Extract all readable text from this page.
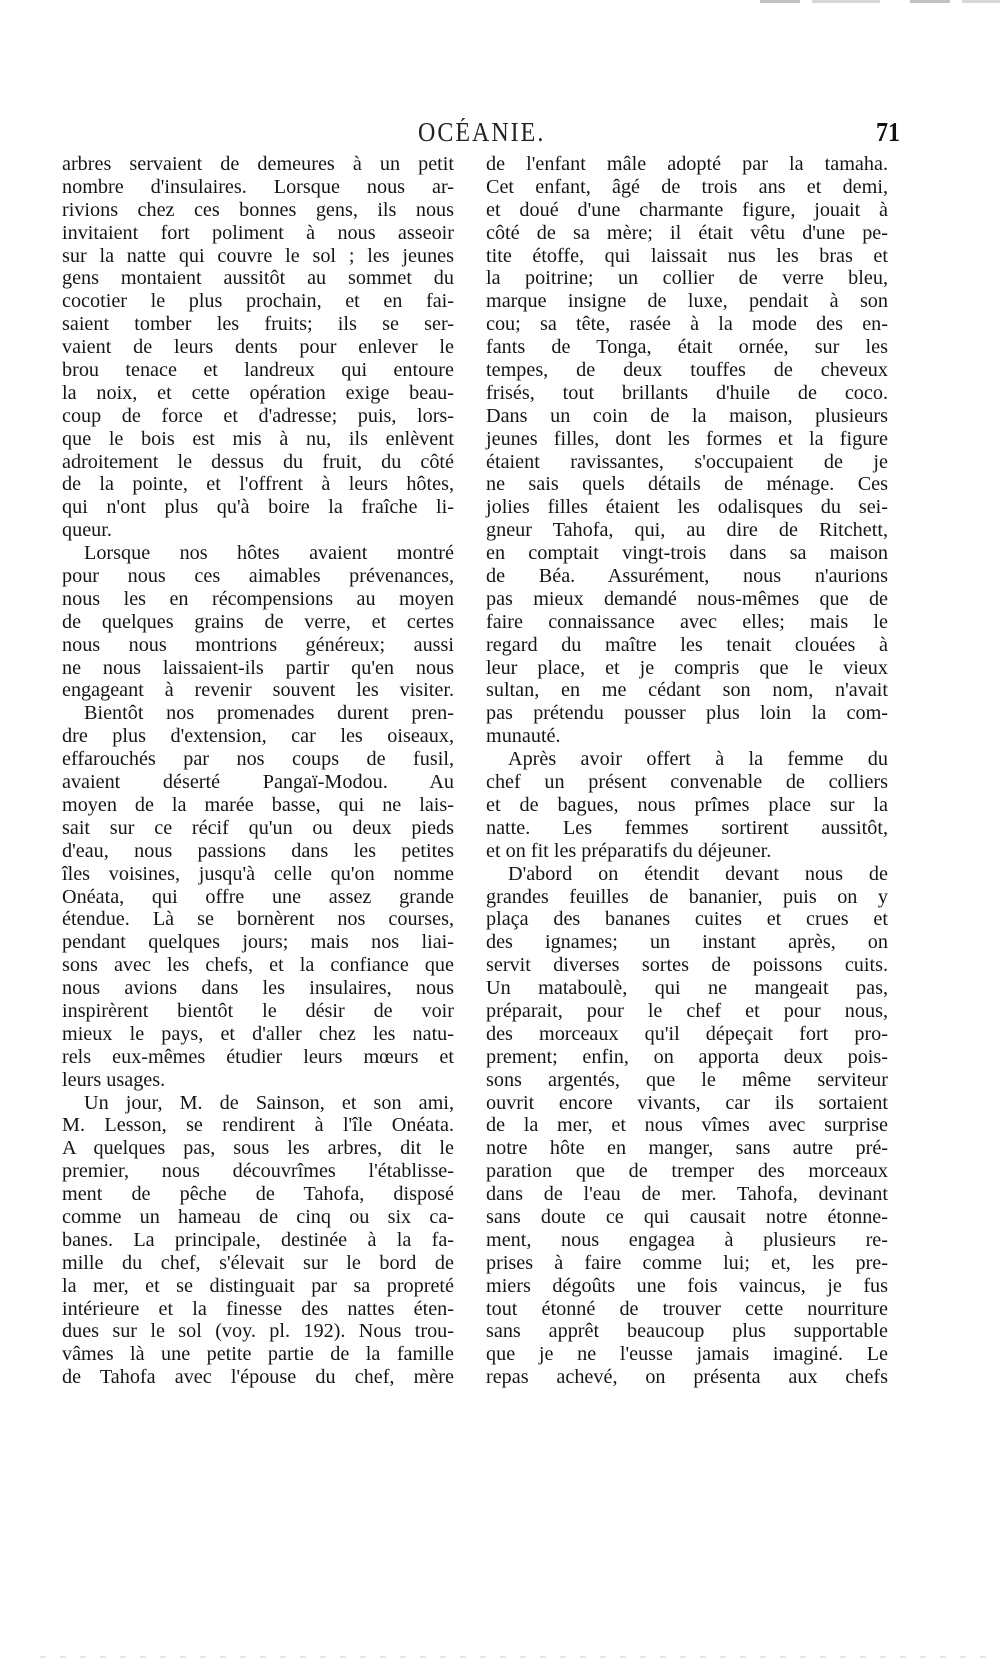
OCÉANIE.	71
arbres servaient de demeures à un petit
nombre d'insulaires. Lorsque nous ar-
rivions chez ces bonnes gens, ils nous
invitaient fort poliment à nous asseoir
sur la natte qui couvre le sol ; les jeunes
gens montaient aussitôt au sommet du
cocotier le plus prochain, et en fai-
saient tomber les fruits; ils se ser-
vaient de leurs dents pour enlever le
brou tenace et landreux qui entoure
la noix, et cette opération exige beau-
coup de force et d'adresse; puis, lors-
que le bois est mis à nu, ils enlèvent
adroitement le dessus du fruit, du côté
de la pointe, et l'offrent à leurs hôtes,
qui n'ont plus qu'à boire la fraîche li-
queur.
Lorsque nos hôtes avaient montré
pour nous ces aimables prévenances,
nous les en récompensions au moyen
de quelques grains de verre, et certes
nous nous montrions généreux; aussi
ne nous laissaient-ils partir qu'en nous
engageant à revenir souvent les visiter.
Bientôt nos promenades durent pren-
dre plus d'extension, car les oiseaux,
effarouchés par nos coups de fusil,
avaient déserté Pangaï-Modou. Au
moyen de la marée basse, qui ne lais-
sait sur ce récif qu'un ou deux pieds
d'eau, nous passions dans les petites
îles voisines, jusqu'à celle qu'on nomme
Onéata, qui offre une assez grande
étendue. Là se bornèrent nos courses,
pendant quelques jours; mais nos liai-
sons avec les chefs, et la confiance que
nous avions dans les insulaires, nous
inspirèrent bientôt le désir de voir
mieux le pays, et d'aller chez les natu-
rels eux-mêmes étudier leurs mœurs et
leurs usages.
Un jour, M. de Sainson, et son ami,
M. Lesson, se rendirent à l'île Onéata.
A quelques pas, sous les arbres, dit le
premier, nous découvrîmes l'établisse-
ment de pêche de Tahofa, disposé
comme un hameau de cinq ou six ca-
banes. La principale, destinée à la fa-
mille du chef, s'élevait sur le bord de
la mer, et se distinguait par sa propreté
intérieure et la finesse des nattes éten-
dues sur le sol (voy. pl. 192). Nous trou-
vâmes là une petite partie de la famille
de Tahofa avec l'épouse du chef, mère
de l'enfant mâle adopté par la tamaha.
Cet enfant, âgé de trois ans et demi,
et doué d'une charmante figure, jouait à
côté de sa mère; il était vêtu d'une pe-
tite étoffe, qui laissait nus les bras et
la poitrine; un collier de verre bleu,
marque insigne de luxe, pendait à son
cou; sa tête, rasée à la mode des en-
fants de Tonga, était ornée, sur les
tempes, de deux touffes de cheveux
frisés, tout brillants d'huile de coco.
Dans un coin de la maison, plusieurs
jeunes filles, dont les formes et la figure
étaient ravissantes, s'occupaient de je
ne sais quels détails de ménage. Ces
jolies filles étaient les odalisques du sei-
gneur Tahofa, qui, au dire de Ritchett,
en comptait vingt-trois dans sa maison
de Béa. Assurément, nous n'aurions
pas mieux demandé nous-mêmes que de
faire connaissance avec elles; mais le
regard du maître les tenait clouées à
leur place, et je compris que le vieux
sultan, en me cédant son nom, n'avait
pas prétendu pousser plus loin la com-
munauté.
Après avoir offert à la femme du
chef un présent convenable de colliers
et de bagues, nous prîmes place sur la
natte. Les femmes sortirent aussitôt,
et on fit les préparatifs du déjeuner.
D'abord on étendit devant nous de
grandes feuilles de bananier, puis on y
plaça des bananes cuites et crues et
des ignames; un instant après, on
servit diverses sortes de poissons cuits.
Un mataboulè, qui ne mangeait pas,
préparait, pour le chef et pour nous,
des morceaux qu'il dépeçait fort pro-
prement; enfin, on apporta deux pois-
sons argentés, que le même serviteur
ouvrit encore vivants, car ils sortaient
de la mer, et nous vîmes avec surprise
notre hôte en manger, sans autre pré-
paration que de tremper des morceaux
dans de l'eau de mer. Tahofa, devinant
sans doute ce qui causait notre étonne-
ment, nous engagea à plusieurs re-
prises à faire comme lui; et, les pre-
miers dégoûts une fois vaincus, je fus
tout étonné de trouver cette nourriture
sans apprêt beaucoup plus supportable
que je ne l'eusse jamais imaginé. Le
repas achevé, on présenta aux chefs
